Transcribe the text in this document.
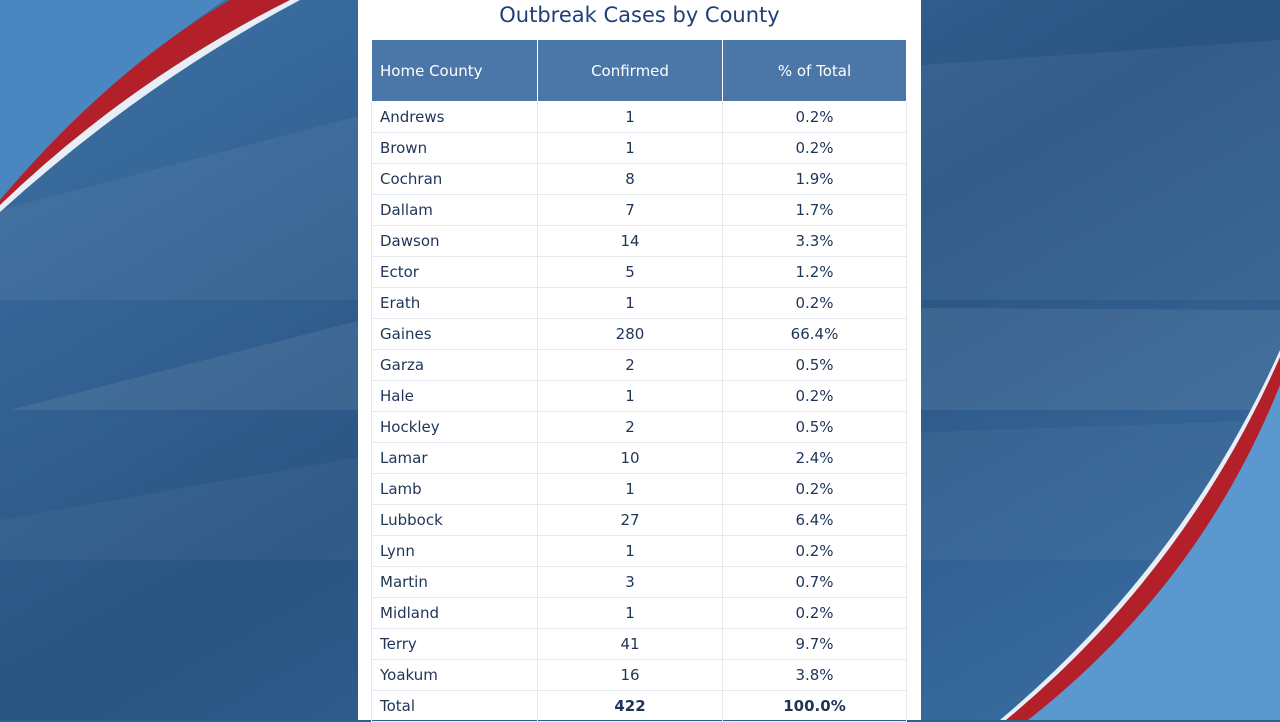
Outbreak Cases by County
Home County	Confirmed	% of Total
Andrews	1	0.2%
Brown	1	0.2%
Cochran	8	1.9%
Dallam	7	1.7%
Dawson	14	3.3%
Ector	5	1.2%
Erath	1	0.2%
Gaines	280	66.4%
Garza	2	0.5%
Hale	1	0.2%
Hockley	2	0.5%
Lamar	10	2.4%
Lamb	1	0.2%
Lubbock	27	6.4%
Lynn	1	0.2%
Martin	3	0.7%
Midland	1	0.2%
Terry	41	9.7%
Yoakum	16	3.8%
Total	422	100.0%
